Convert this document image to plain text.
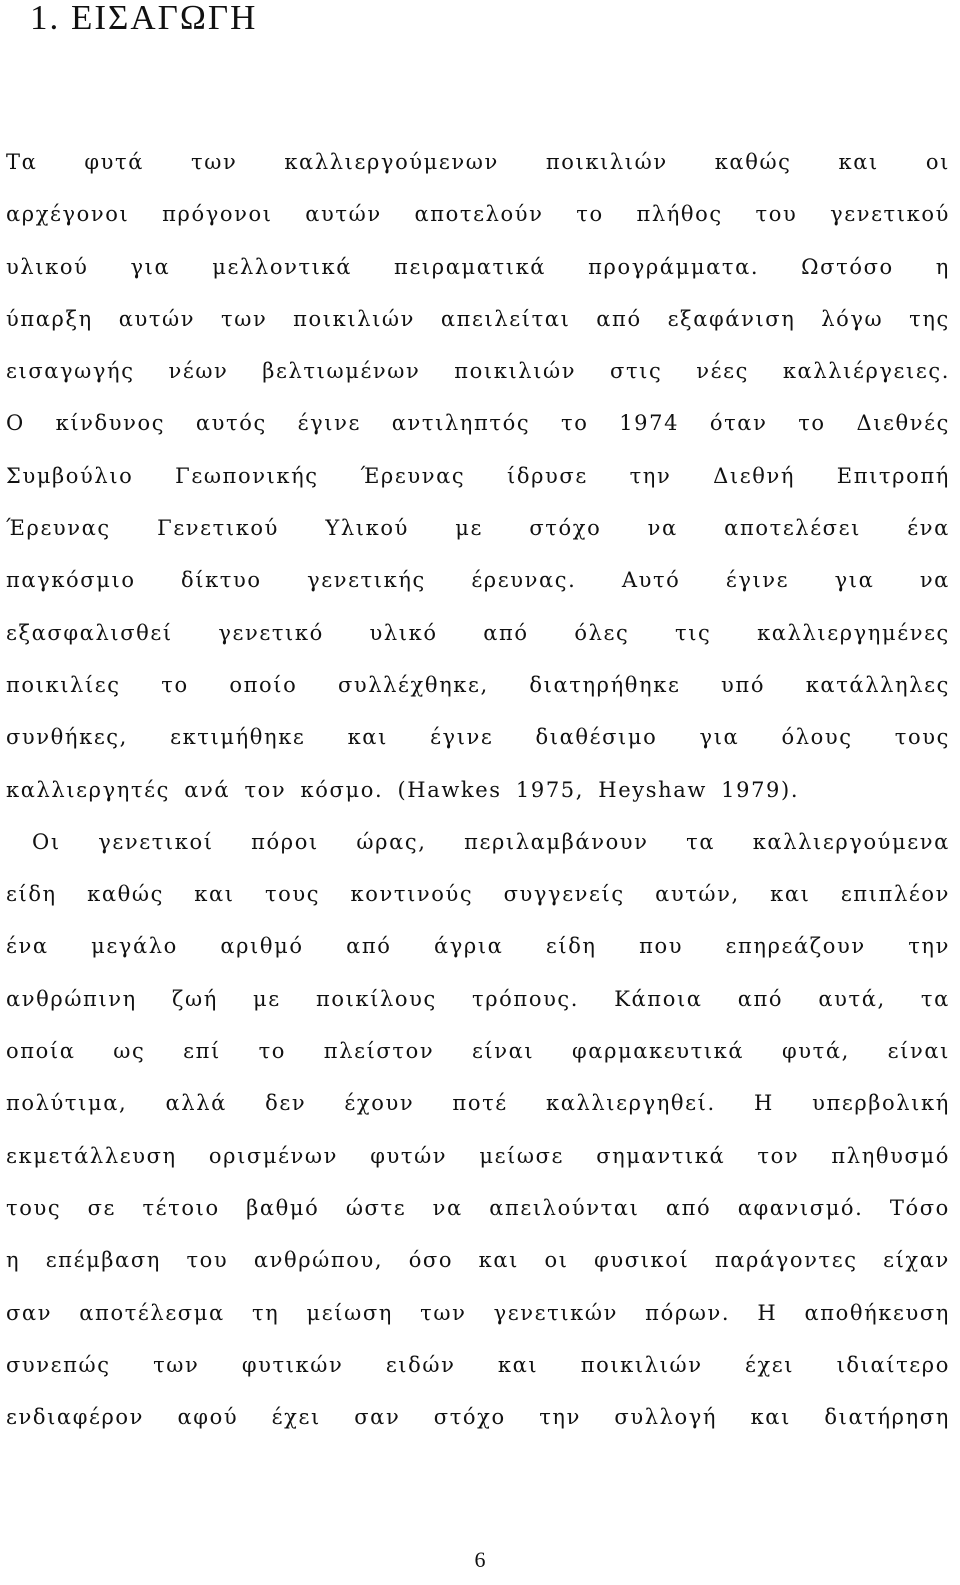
1. ΕΙΣΑΓΩΓΗ
Τα φυτά των καλλιεργούμενων ποικιλιών καθώς και οι
αρχέγονοι πρόγονοι αυτών αποτελούν το πλήθος του γενετικού
υλικού για μελλοντικά πειραματικά προγράμματα. Ωστόσο η
ύπαρξη αυτών των ποικιλιών απειλείται από εξαφάνιση λόγω της
εισαγωγής νέων βελτιωμένων ποικιλιών στις νέες καλλιέργειες.
Ο κίνδυνος αυτός έγινε αντιληπτός το 1974 όταν το Διεθνές
Συμβούλιο Γεωπονικής Έρευνας ίδρυσε την Διεθνή Επιτροπή
Έρευνας Γενετικού Υλικού με στόχο να αποτελέσει ένα
παγκόσμιο δίκτυο γενετικής έρευνας. Αυτό έγινε για να
εξασφαλισθεί γενετικό υλικό από όλες τις καλλιεργημένες
ποικιλίες το οποίο συλλέχθηκε, διατηρήθηκε υπό κατάλληλες
συνθήκες, εκτιμήθηκε και έγινε διαθέσιμο για όλους τους
καλλιεργητές ανά τον κόσμο. (Hawkes 1975, Heyshaw 1979).
Οι γενετικοί πόροι ώρας, περιλαμβάνουν τα καλλιεργούμενα
είδη καθώς και τους κοντινούς συγγενείς αυτών, και επιπλέον
ένα μεγάλο αριθμό από άγρια είδη που επηρεάζουν την
ανθρώπινη ζωή με ποικίλους τρόπους. Κάποια από αυτά, τα
οποία ως επί το πλείστον είναι φαρμακευτικά φυτά, είναι
πολύτιμα, αλλά δεν έχουν ποτέ καλλιεργηθεί. Η υπερβολική
εκμετάλλευση ορισμένων φυτών μείωσε σημαντικά τον πληθυσμό
τους σε τέτοιο βαθμό ώστε να απειλούνται από αφανισμό. Τόσο
η επέμβαση του ανθρώπου, όσο και οι φυσικοί παράγοντες είχαν
σαν αποτέλεσμα τη μείωση των γενετικών πόρων. Η αποθήκευση
συνεπώς των φυτικών ειδών και ποικιλιών έχει ιδιαίτερο
ενδιαφέρον αφού έχει σαν στόχο την συλλογή και διατήρηση
6
